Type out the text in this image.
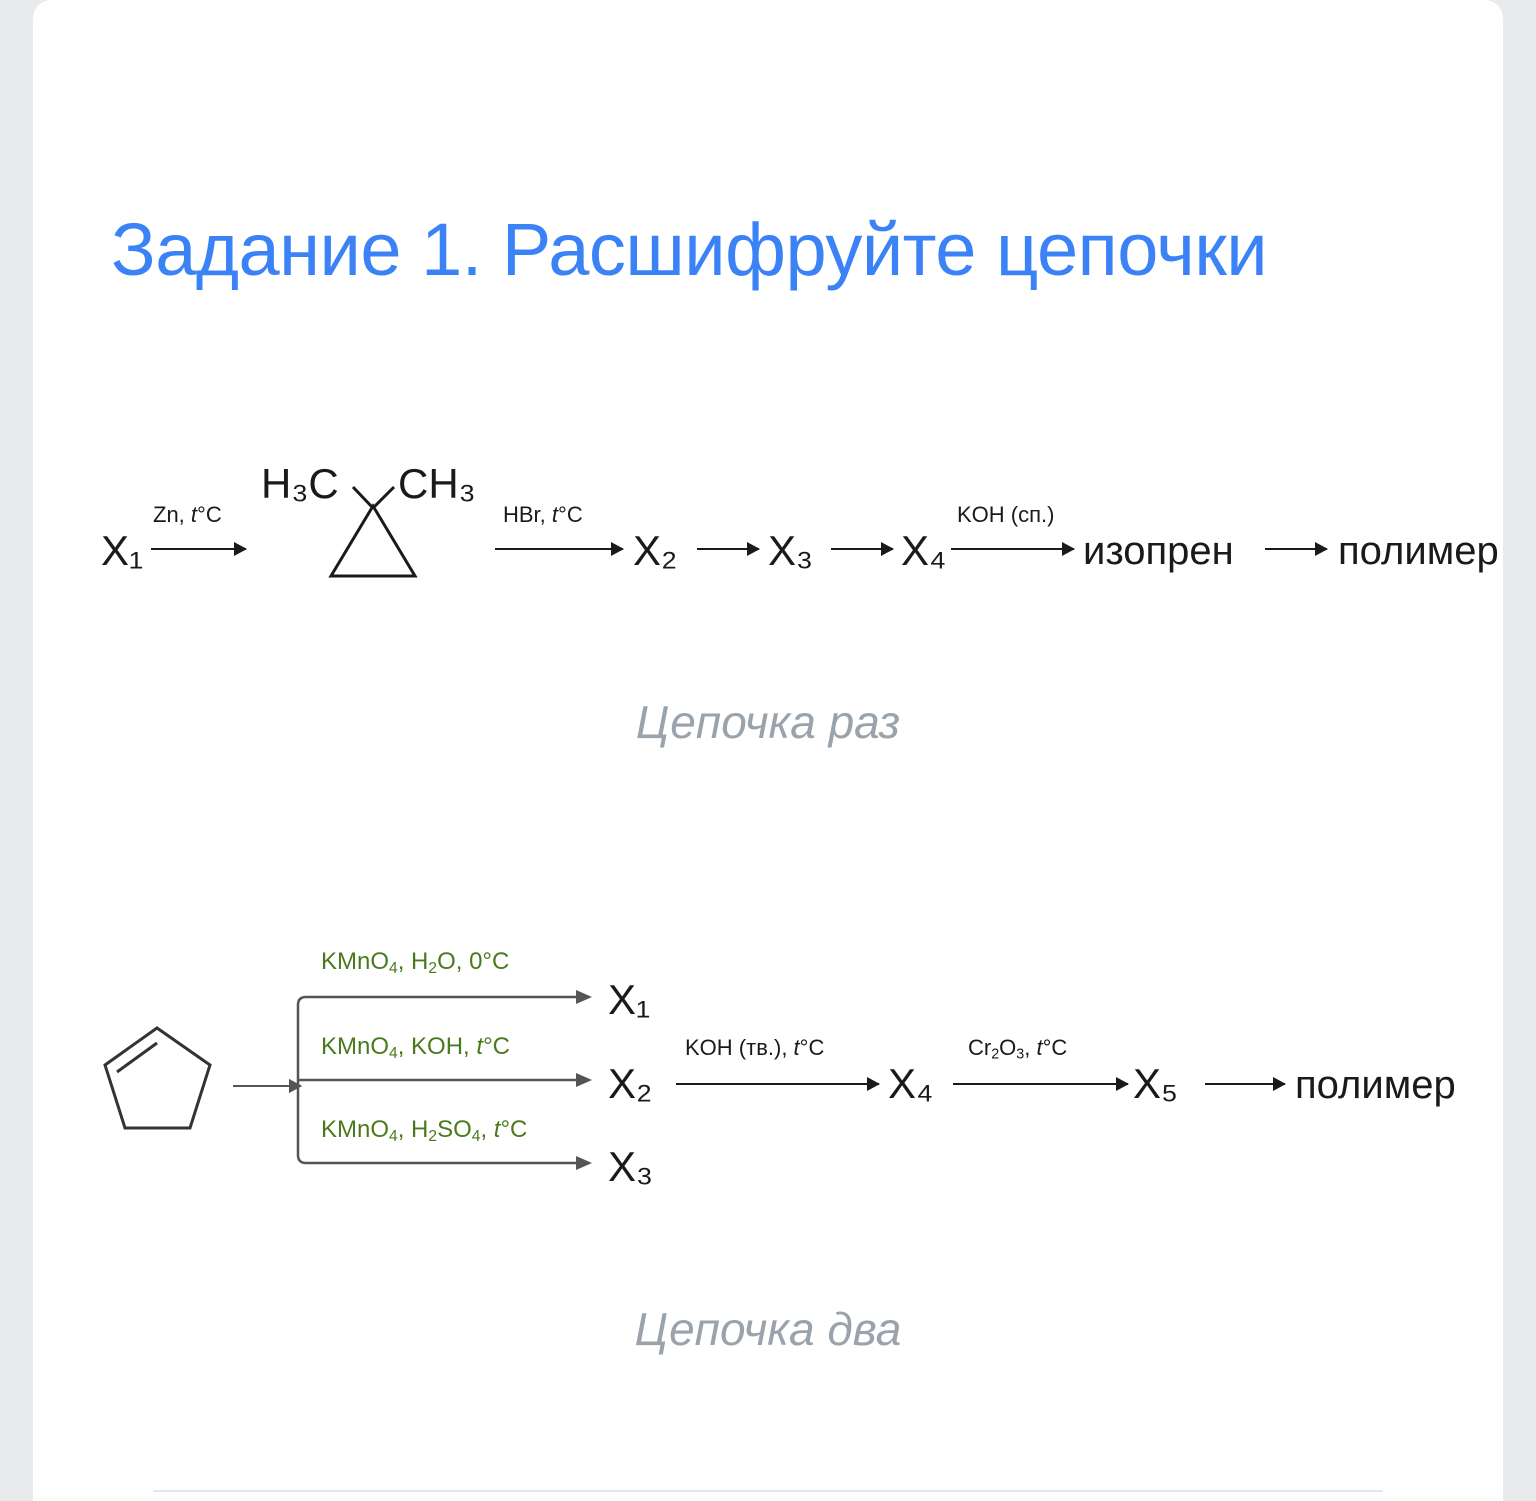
Задание 1. Расшифруйте цепочки
X₁
Zn, t°C
H₃C CH₃
HBr, t°C
X₂ X₃ X₄
KOH (сп.)
изопрен	полимер
Цепочка раз
KMnO$_4$, $H_2O$, 0°C
KMnO$_4$, KOH, t°C
KMnO$_4$, $H_2SO_4$, t°C
X₁
X₂
X₃
KOH (тв.), t°C
X₄
$Cr_2O_3$, t°C
X₅	полимер
Цепочка два
